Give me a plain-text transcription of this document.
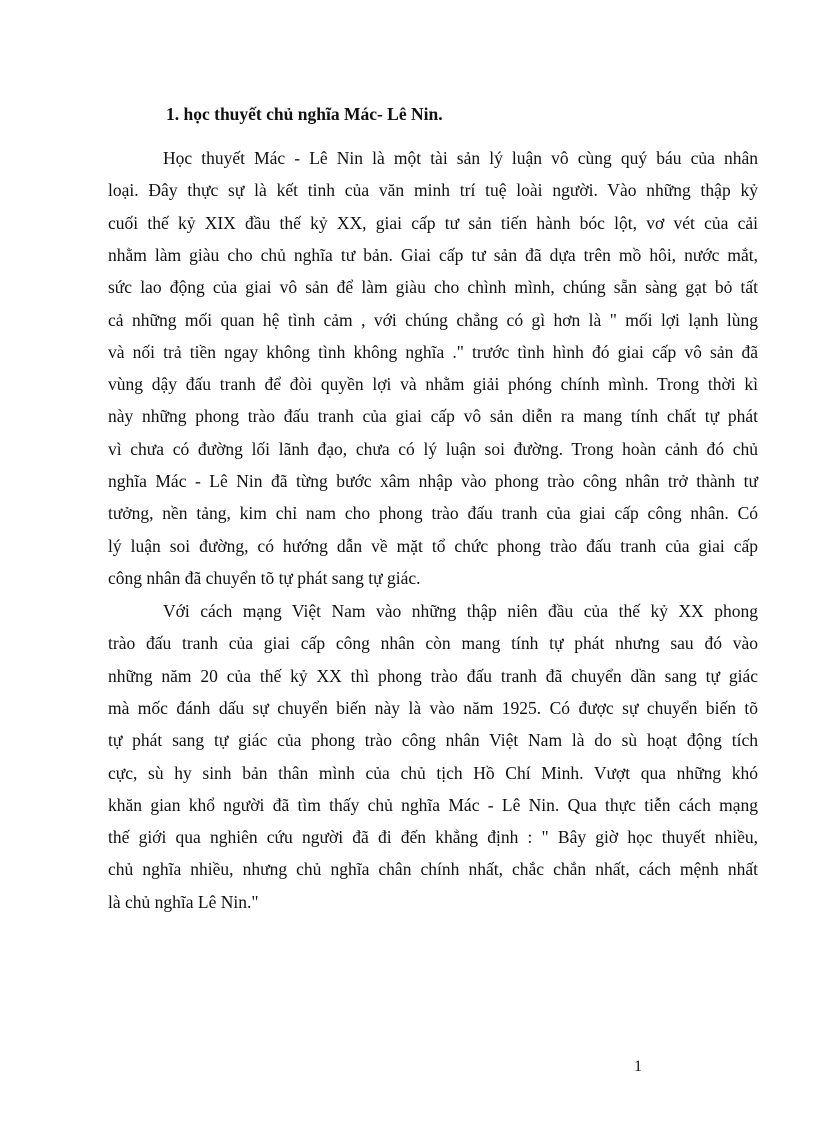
1. học thuyết chủ nghĩa Mác- Lê Nin.
Học thuyết Mác - Lê Nin là một tài sản lý luận vô cùng quý báu của nhân
loại. Đây thực sự là kết tinh của văn minh trí tuệ loài người. Vào những thập kỷ
cuối thế kỷ XIX đầu thế kỷ XX, giai cấp tư sản tiến hành bóc lột, vơ vét của cải
nhằm làm giàu cho chủ nghĩa tư bản. Giai cấp tư sản đã dựa trên mồ hôi, nước mắt,
sức lao động của giai vô sản để làm giàu cho chình mình, chúng sẵn sàng gạt bỏ tất
cả những mối quan hệ tình cảm , với chúng chẳng có gì hơn là " mối lợi lạnh lùng
và nối trả tiền ngay không tình không nghĩa ." trước tình hình đó giai cấp vô sản đã
vùng dậy đấu tranh để đòi quyền lợi và nhằm giải phóng chính mình. Trong thời kì
này những phong trào đấu tranh của giai cấp vô sản diễn ra mang tính chất tự phát
vì chưa có đường lối lãnh đạo, chưa có lý luận soi đường. Trong hoàn cảnh đó chủ
nghĩa Mác - Lê Nin đã từng bước xâm nhập vào phong trào công nhân trở thành tư
tưởng, nền tảng, kim chỉ nam cho phong trào đấu tranh của giai cấp công nhân. Có
lý luận soi đường, có hướng dẫn về mặt tổ chức phong trào đấu tranh của giai cấp
công nhân đã chuyển tõ tự phát sang tự giác.
Với cách mạng Việt Nam vào những thập niên đầu của thế kỷ XX phong
trào đấu tranh của giai cấp công nhân còn mang tính tự phát nhưng sau đó vào
những năm 20 của thế kỷ XX thì phong trào đấu tranh đã chuyển dần sang tự giác
mà mốc đánh dấu sự chuyển biến này là vào năm 1925. Có được sự chuyển biến tõ
tự phát sang tự giác của phong trào công nhân Việt Nam là do sù hoạt động tích
cực, sù hy sinh bản thân mình của chủ tịch Hồ Chí Minh. Vượt qua những khó
khăn gian khổ người đã tìm thấy chủ nghĩa Mác - Lê Nin. Qua thực tiễn cách mạng
thế giới qua nghiên cứu người đã đi đến khẳng định : " Bây giờ học thuyết nhiều,
chủ nghĩa nhiều, nhưng chủ nghĩa chân chính nhất, chắc chắn nhất, cách mệnh nhất
là chủ nghĩa Lê Nin."
1
